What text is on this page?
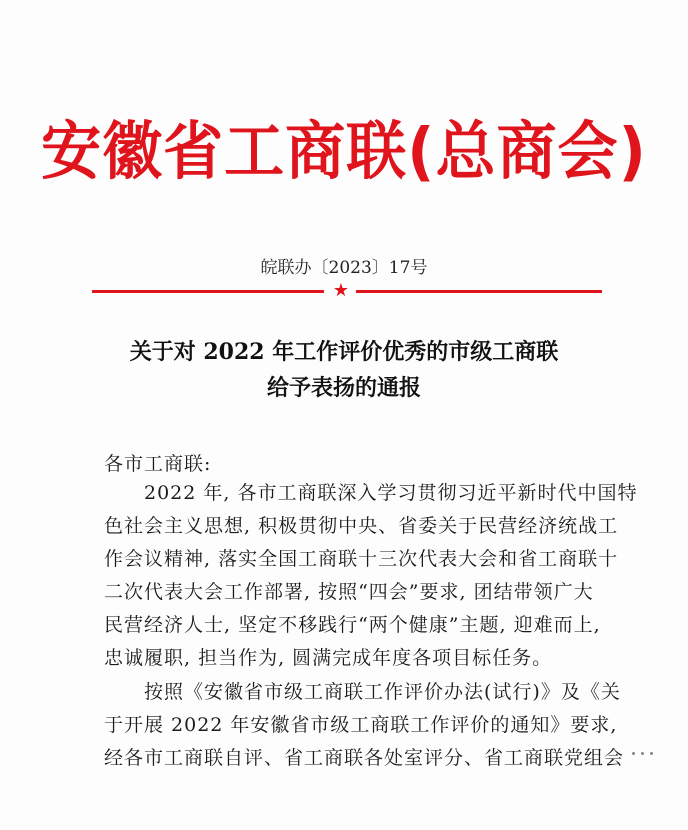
安徽省工商联(总商会)
皖联办〔2023〕17号
★
关于对 2022 年工作评价优秀的市级工商联
给予表扬的通报
各市工商联:
2022 年, 各市工商联深入学习贯彻习近平新时代中国特
色社会主义思想, 积极贯彻中央、省委关于民营经济统战工
作会议精神, 落实全国工商联十三次代表大会和省工商联十
二次代表大会工作部署, 按照“四会”要求, 团结带领广大
民营经济人士, 坚定不移践行“两个健康”主题, 迎难而上,
忠诚履职, 担当作为, 圆满完成年度各项目标任务。
按照《安徽省市级工商联工作评价办法(试行)》及《关
于开展 2022 年安徽省市级工商联工作评价的通知》要求,
经各市工商联自评、省工商联各处室评分、省工商联党组会
